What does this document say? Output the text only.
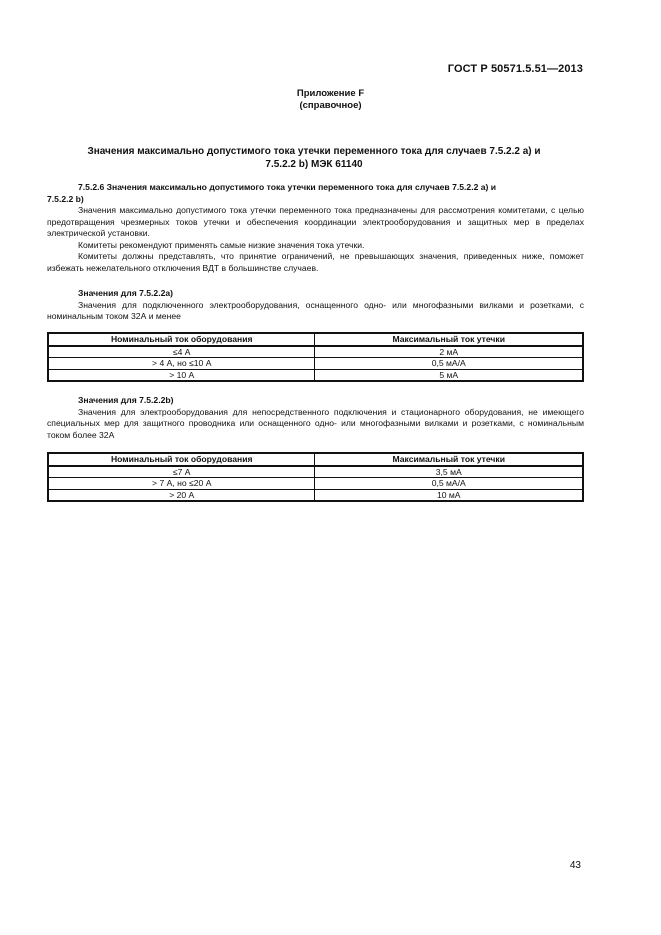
ГОСТ Р 50571.5.51—2013
Приложение F
(справочное)
Значения максимально допустимого тока утечки переменного тока для случаев 7.5.2.2 а) и
7.5.2.2 b) МЭК 61140

7.5.2.6 Значения максимально допустимого тока утечки переменного тока для случаев 7.5.2.2 а) и

7.5.2.2 b)

Значения максимально допустимого тока утечки переменного тока предназначены для рассмотрения комитетами, с целью предотвращения чрезмерных токов утечки и обеспечения координации электрооборудования и защитных мер в пределах электрической установки.

Комитеты рекомендуют применять самые низкие значения тока утечки.

Комитеты должны представлять, что принятие ограничений, не превышающих значения, приведенных ниже, поможет избежать нежелательного отключения ВДТ в большинстве случаев.

Значения для 7.5.2.2а)

Значения для подключенного электрооборудования, оснащенного одно- или многофазными вилками и розетками, с номинальным током 32А и менее

Номинальный ток оборудования	Максимальный ток утечки
≤4 А	2 мА
> 4 А, но ≤10 А	0,5 мА/А
> 10 А	5 мА

Значения для 7.5.2.2b)

Значения для электрооборудования для непосредственного подключения и стационарного оборудования, не имеющего специальных мер для защитного проводника или оснащенного одно- или многофазными вилками и розетками, с номинальным током более 32А

Номинальный ток оборудования	Максимальный ток утечки
≤7 А	3,5 мА
> 7 А, но ≤20 А	0,5 мА/А
> 20 А	10 мА
43
